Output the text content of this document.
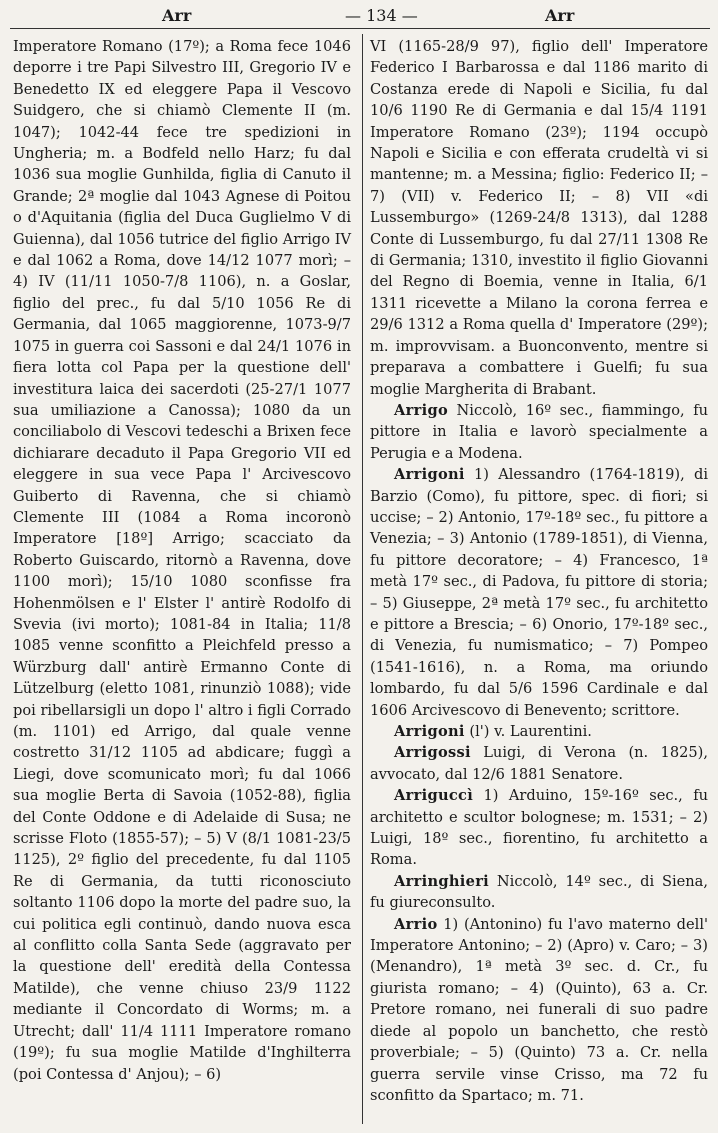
Arr	— 134 —	Arr

Imperatore Romano (17º); a Roma fece 1046 deporre i tre Papi Silvestro III, Gregorio IV e Benedetto IX ed eleggere Papa il Vescovo Suidgero, che si chiamò Clemente II (m. 1047); 1042-44 fece tre spedizioni in Ungheria; m. a Bodfeld nello Harz; fu dal 1036 sua moglie Gunhilda, figlia di Canuto il Grande; 2ª moglie dal 1043 Agnese di Poitou o d'Aquitania (figlia del Duca Guglielmo V di Guienna), dal 1056 tutrice del figlio Arrigo IV e dal 1062 a Roma, dove 14/12 1077 morì; – 4) IV (11/11 1050-7/8 1106), n. a Goslar, figlio del prec., fu dal 5/10 1056 Re di Germania, dal 1065 maggiorenne, 1073-9/7 1075 in guerra coi Sassoni e dal 24/1 1076 in fiera lotta col Papa per la questione dell' investitura laica dei sacerdoti (25-27/1 1077 sua umiliazione a Canossa); 1080 da un conciliabolo di Vescovi tedeschi a Brixen fece dichiarare decaduto il Papa Gregorio VII ed eleggere in sua vece Papa l' Arcivescovo Guiberto di Ravenna, che si chiamò Clemente III (1084 a Roma incoronò Imperatore [18º] Arrigo; scacciato da Roberto Guiscardo, ritornò a Ravenna, dove 1100 morì); 15/10 1080 sconfisse fra Hohenmölsen e l' Elster l' antirè Rodolfo di Svevia (ivi morto); 1081-84 in Italia; 11/8 1085 venne sconfitto a Pleichfeld presso a Würzburg dall' antirè Ermanno Conte di Lützelburg (eletto 1081, rinunziò 1088); vide poi ribellarsigli un dopo l' altro i figli Corrado (m. 1101) ed Arrigo, dal quale venne costretto 31/12 1105 ad abdicare; fuggì a Liegi, dove scomunicato morì; fu dal 1066 sua moglie Berta di Savoia (1052-88), figlia del Conte Oddone e di Adelaide di Susa; ne scrisse Floto (1855-57); – 5) V (8/1 1081-23/5 1125), 2º figlio del precedente, fu dal 1105 Re di Germania, da tutti riconosciuto soltanto 1106 dopo la morte del padre suo, la cui politica egli continuò, dando nuova esca al conflitto colla Santa Sede (aggravato per la questione dell' eredità della Contessa Matilde), che venne chiuso 23/9 1122 mediante il Concordato di Worms; m. a Utrecht; dall' 11/4 1111 Imperatore romano (19º); fu sua moglie Matilde d'Inghilterra (poi Contessa d' Anjou); – 6)

VI (1165-28/9 97), figlio dell' Imperatore Federico I Barbarossa e dal 1186 marito di Costanza erede di Napoli e Sicilia, fu dal 10/6 1190 Re di Germania e dal 15/4 1191 Imperatore Romano (23º); 1194 occupò Napoli e Sicilia e con efferata crudeltà vi si mantenne; m. a Messina; figlio: Federico II; – 7) (VII) v. Federico II; – 8) VII «di Lussemburgo» (1269-24/8 1313), dal 1288 Conte di Lussemburgo, fu dal 27/11 1308 Re di Germania; 1310, investito il figlio Giovanni del Regno di Boemia, venne in Italia, 6/1 1311 ricevette a Milano la corona ferrea e 29/6 1312 a Roma quella d' Imperatore (29º); m. improvvisam. a Buonconvento, mentre si preparava a combattere i Guelfi; fu sua moglie Margherita di Brabant.

Arrigo Niccolò, 16º sec., fiammingo, fu pittore in Italia e lavorò specialmente a Perugia e a Modena.

Arrigoni 1) Alessandro (1764-1819), di Barzio (Como), fu pittore, spec. di fiori; si uccise; – 2) Antonio, 17º-18º sec., fu pittore a Venezia; – 3) Antonio (1789-1851), di Vienna, fu pittore decoratore; – 4) Francesco, 1ª metà 17º sec., di Padova, fu pittore di storia; – 5) Giuseppe, 2ª metà 17º sec., fu architetto e pittore a Brescia; – 6) Onorio, 17º-18º sec., di Venezia, fu numismatico; – 7) Pompeo (1541-1616), n. a Roma, ma oriundo lombardo, fu dal 5/6 1596 Cardinale e dal 1606 Arcivescovo di Benevento; scrittore.

Arrigoni (l') v. Laurentini.

Arrigossi Luigi, di Verona (n. 1825), avvocato, dal 12/6 1881 Senatore.

Arriguccì 1) Arduino, 15º-16º sec., fu architetto e scultor bolognese; m. 1531; – 2) Luigi, 18º sec., fiorentino, fu architetto a Roma.

Arringhieri Niccolò, 14º sec., di Siena, fu giureconsulto.

Arrio 1) (Antonino) fu l'avo materno dell' Imperatore Antonino; – 2) (Apro) v. Caro; – 3) (Menandro), 1ª metà 3º sec. d. Cr., fu giurista romano; – 4) (Quinto), 63 a. Cr. Pretore romano, nei funerali di suo padre diede al popolo un banchetto, che restò proverbiale; – 5) (Quinto) 73 a. Cr. nella guerra servile vinse Crisso, ma 72 fu sconfitto da Spartaco; m. 71.
